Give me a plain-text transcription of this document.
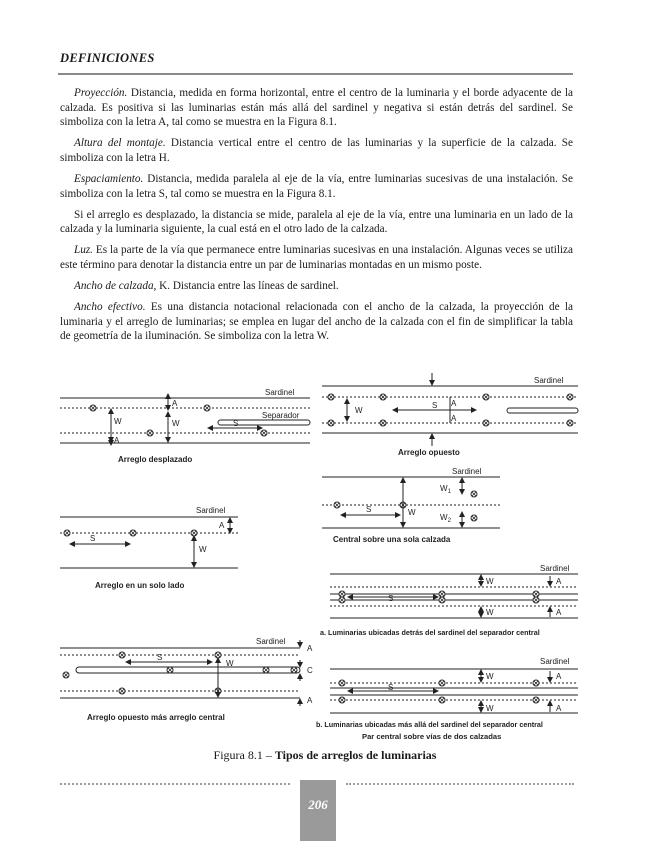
DEFINICIONES

Proyección. Distancia, medida en forma horizontal, entre el centro de la luminaria y el borde adyacente de la calzada. Es positiva si las luminarias están más allá del sardinel y negativa si están detrás del sardinel. Se simboliza con la letra A, tal como se muestra en la Figura 8.1.

Altura del montaje. Distancia vertical entre el centro de las luminarias y la superficie de la calzada. Se simboliza con la letra H.

Espaciamiento. Distancia, medida paralela al eje de la vía, entre luminarias sucesivas de una instalación. Se simboliza con la letra S, tal como se muestra en la Figura 8.1.

Si el arreglo es desplazado, la distancia se mide, paralela al eje de la vía, entre una luminaria en un lado de la calzada y la luminaria siguiente, la cual está en el otro lado de la calzada.

Luz. Es la parte de la vía que permanece entre luminarias sucesivas en una instalación. Algunas veces se utiliza este término para denotar la distancia entre un par de luminarias montadas en un mismo poste.

Ancho de calzada, K. Distancia entre las líneas de sardinel.

Ancho efectivo. Es una distancia notacional relacionada con el ancho de la calzada, la proyección de la luminaria y el arreglo de luminarias; se emplea en lugar del ancho de la calzada con el fin de simplificar la tabla de geometría de la iluminación. Se simboliza con la letra W.

Sardinel
Separador
W	W
A
A
S
Arreglo desplazado
Sardinel
W
S A
A
Arreglo opuesto
Sardinel
S	W
$W_1$
$W_2$
Central sobre una sola calzada
Sardinel
S
W
A
Arreglo en un solo lado
Sardinel
W
W
A
A
S
a. Luminarias ubicadas detrás del sardinel del separador central
Sardinel
S
W
A
C
A
Arreglo opuesto más arreglo central
Sardinel
W
W
A
A
S
b. Luminarias ubicadas más allá del sardinel del separador central
Par central sobre vías de dos calzadas
Figura 8.1 – Tipos de arreglos de luminarias
206
